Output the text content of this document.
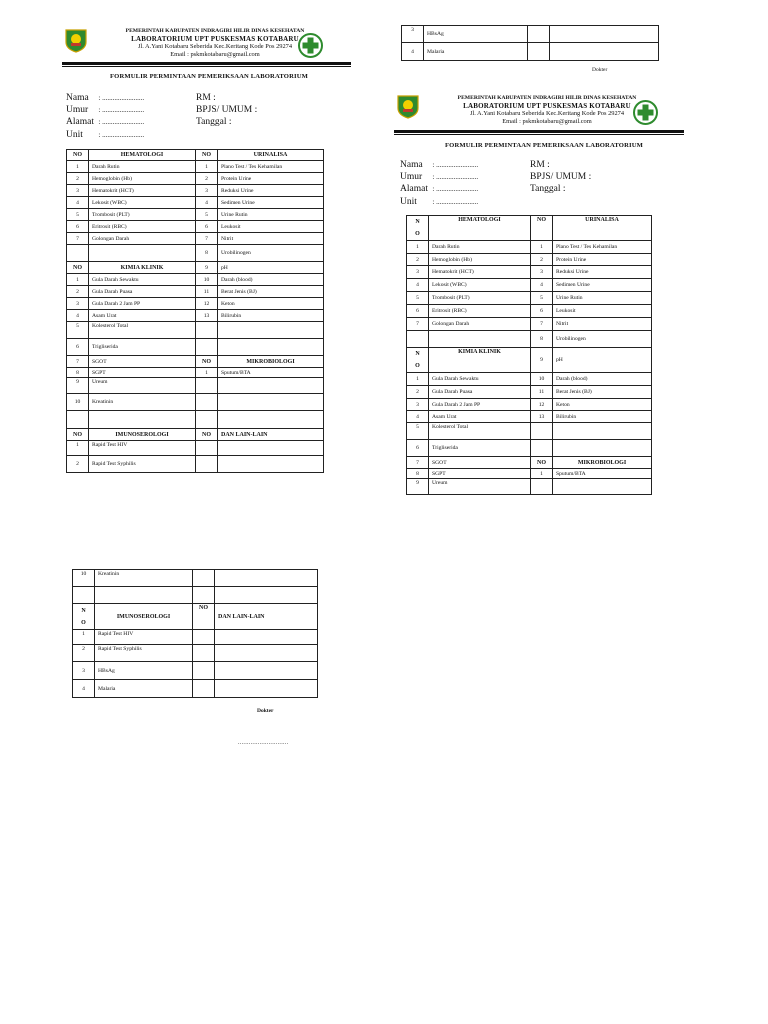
PEMERINTAH KABUPATEN INDRAGIRI HILIR DINAS KESEHATAN
LABORATORIUM UPT PUSKESMAS KOTABARU
Jl. A.Yani Kotabaru Seberida Kec.Keritang Kode Pos 29274
Email : pskmkotabaru@gmail.com
FORMULIR PERMINTAAN PEMERIKSAAN LABORATORIUM
Nama : ........................
Umur : ........................
Alamat : ........................
Unit : ........................
RM :
BPJS/ UMUM :
Tanggal :
NO	HEMATOLOGI	NO	URINALISA
1	Darah Rutin	1	Plano Test / Tes Kehamilan
2	Hemoglobin (Hb)	2	Protein Urine
3	Hematokrit (HCT)	3	Reduksi Urine
4	Lekosit (WBC)	4	Sedimen Urine
5	Trombosit (PLT)	5	Urine Rutin
6	Eritrosit (RBC)	6	Leukosit
7	Golongan Darah	7	Nitrit
		8	Urobilinogen
NO	KIMIA KLINIK	9	pH
1	Gula Darah Sewaktu	10	Darah (blood)
2	Gula Darah Puasa	11	Berat Jenis (BJ)
3	Gula Darah 2 Jam PP	12	Keton
4	Asam Urat	13	Bilirubin
5	Kolesterol Total		
6	Trigliserida		
7	SGOT	NO	MIKROBIOLOGI
8	SGPT	1	Sputum/BTA
9	Ureum		
10	Kreatinin		

NO	IMUNOSEROLOGI	NO	DAN LAIN-LAIN
1	Rapid Test HIV		
2	Rapid Test Syphilis		
3	HBsAg		
4	Malaria		
Dokter
PEMERINTAH KABUPATEN INDRAGIRI HILIR DINAS KESEHATAN
LABORATORIUM UPT PUSKESMAS KOTABARU
Jl. A.Yani Kotabaru Seberida Kec.Keritang Kode Pos 29274
Email : pskmkotabaru@gmail.com
FORMULIR PERMINTAAN PEMERIKSAAN LABORATORIUM
Nama : ........................
Umur : ........................
Alamat : ........................
Unit : ........................
RM :
BPJS/ UMUM :
Tanggal :
N
O	HEMATOLOGI	NO	URINALISA
1	Darah Rutin	1	Plano Test / Tes Kehamilan
2	Hemoglobin (Hb)	2	Protein Urine
3	Hematokrit (HCT)	3	Reduksi Urine
4	Lekosit (WBC)	4	Sedimen Urine
5	Trombosit (PLT)	5	Urine Rutin
6	Eritrosit (RBC)	6	Leukosit
7	Golongan Darah	7	Nitrit
		8	Urobilinogen
N
O	KIMIA KLINIK	9	pH
1	Gula Darah Sewaktu	10	Darah (blood)
2	Gula Darah Puasa	11	Berat Jenis (BJ)
3	Gula Darah 2 Jam PP	12	Keton
4	Asam Urat	13	Bilirubin
5	Kolesterol Total		
6	Trigliserida		
7	SGOT	NO	MIKROBIOLOGI
8	SGPT	1	Sputum/BTA
9	Ureum		
10	Kreatinin		

N
O	IMUNOSEROLOGI	NO	DAN LAIN-LAIN
1	Rapid Test HIV		
2	Rapid Test Syphilis		
3	HBsAg		
4	Malaria		
Dokter
............................
